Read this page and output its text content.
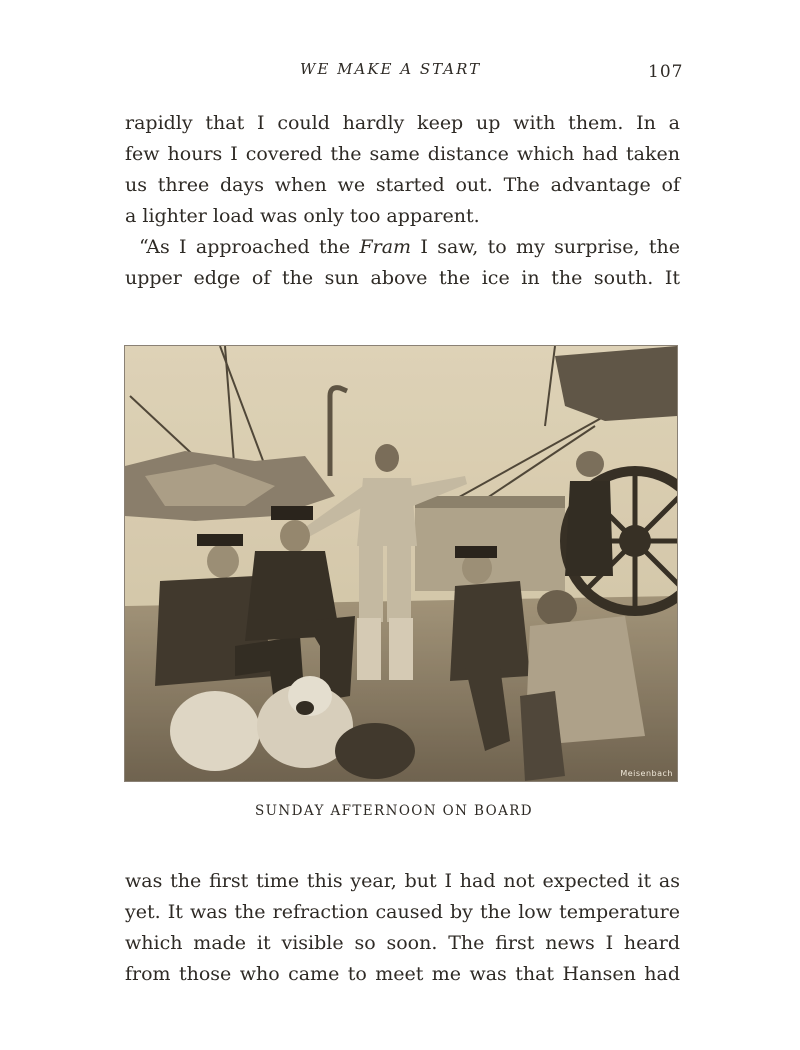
WE MAKE A START	107
rapidly that I could hardly keep up with them. In a
few hours I covered the same distance which had taken
us three days when we started out. The advantage of
a lighter load was only too apparent.
“As I approached the Fram I saw, to my surprise, the
upper edge of the sun above the ice in the south. It
Meisenbach
SUNDAY AFTERNOON ON BOARD
was the first time this year, but I had not expected it as
yet. It was the refraction caused by the low temperature
which made it visible so soon. The first news I heard
from those who came to meet me was that Hansen had
